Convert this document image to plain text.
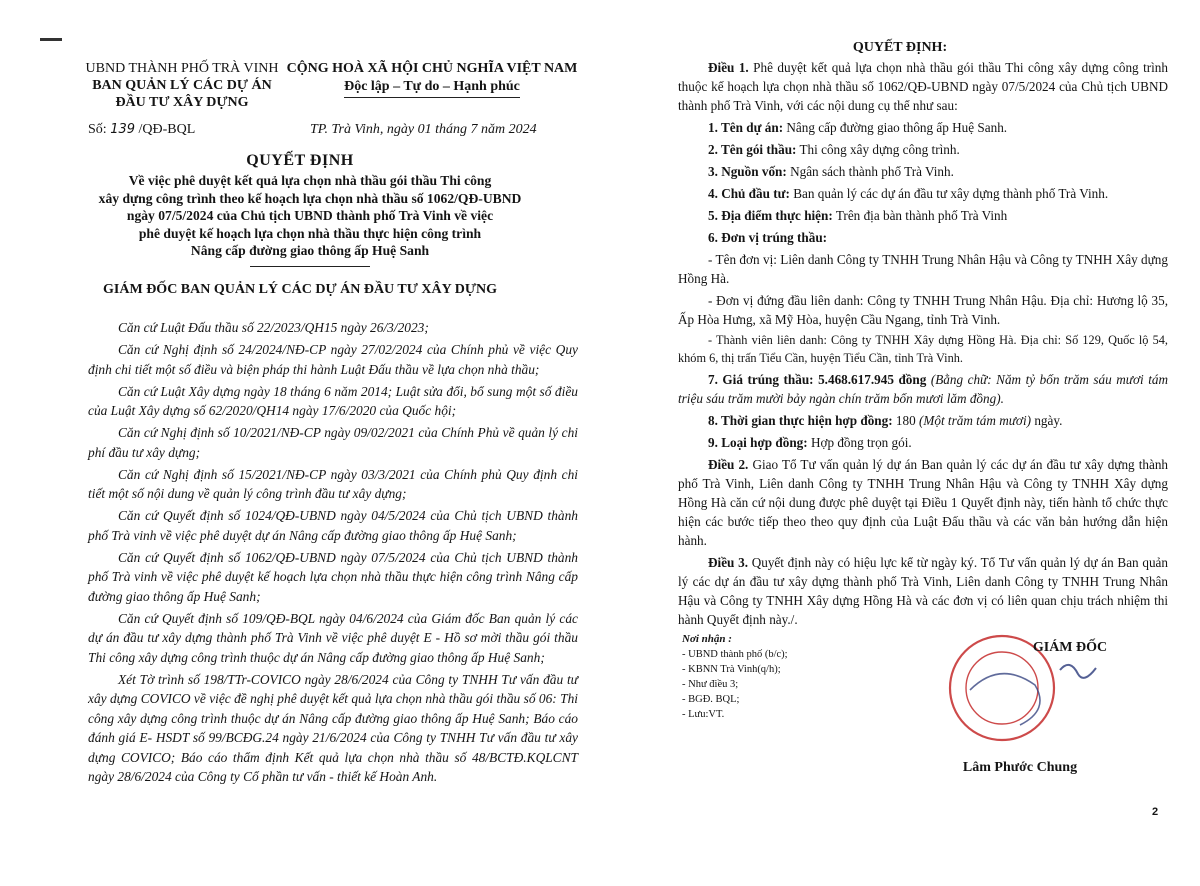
UBND THÀNH PHỐ TRÀ VINH
BAN QUẢN LÝ CÁC DỰ ÁN
ĐẦU TƯ XÂY DỰNG
CỘNG HOÀ XÃ HỘI CHỦ NGHĨA VIỆT NAM
Độc lập – Tự do – Hạnh phúc
Số: 139 /QĐ-BQL	TP. Trà Vinh, ngày 01 tháng 7 năm 2024
QUYẾT ĐỊNH
Về việc phê duyệt kết quả lựa chọn nhà thầu gói thầu Thi công
xây dựng công trình theo kế hoạch lựa chọn nhà thầu số 1062/QĐ-UBND
ngày 07/5/2024 của Chủ tịch UBND thành phố Trà Vinh về việc
phê duyệt kế hoạch lựa chọn nhà thầu thực hiện công trình
Nâng cấp đường giao thông ấp Huệ Sanh
GIÁM ĐỐC BAN QUẢN LÝ CÁC DỰ ÁN ĐẦU TƯ XÂY DỰNG

Căn cứ Luật Đấu thầu số 22/2023/QH15 ngày 26/3/2023;

Căn cứ Nghị định số 24/2024/NĐ-CP ngày 27/02/2024 của Chính phủ về việc Quy định chi tiết một số điều và biện pháp thi hành Luật Đấu thầu về lựa chọn nhà thầu;

Căn cứ Luật Xây dựng ngày 18 tháng 6 năm 2014; Luật sửa đổi, bổ sung một số điều của Luật Xây dựng số 62/2020/QH14 ngày 17/6/2020 của Quốc hội;

Căn cứ Nghị định số 10/2021/NĐ-CP ngày 09/02/2021 của Chính Phủ về quản lý chi phí đầu tư xây dựng;

Căn cứ Nghị định số 15/2021/NĐ-CP ngày 03/3/2021 của Chính phủ Quy định chi tiết một số nội dung về quản lý công trình đầu tư xây dựng;

Căn cứ Quyết định số 1024/QĐ-UBND ngày 04/5/2024 của Chủ tịch UBND thành phố Trà vinh về việc phê duyệt dự án Nâng cấp đường giao thông ấp Huệ Sanh;

Căn cứ Quyết định số 1062/QĐ-UBND ngày 07/5/2024 của Chủ tịch UBND thành phố Trà vinh về việc phê duyệt kế hoạch lựa chọn nhà thầu thực hiện công trình Nâng cấp đường giao thông ấp Huệ Sanh;

Căn cứ Quyết định số 109/QĐ-BQL ngày 04/6/2024 của Giám đốc Ban quản lý các dự án đầu tư xây dựng thành phố Trà Vinh về việc phê duyệt E - Hồ sơ mời thầu gói thầu Thi công xây dựng công trình thuộc dự án Nâng cấp đường giao thông ấp Huệ Sanh;

Xét Tờ trình số 198/TTr-COVICO ngày 28/6/2024 của Công ty TNHH Tư vấn đầu tư xây dựng COVICO về việc đề nghị phê duyệt kết quả lựa chọn nhà thầu gói thầu số 06: Thi công xây dựng công trình thuộc dự án Nâng cấp đường giao thông ấp Huệ Sanh; Báo cáo đánh giá E- HSDT số 99/BCĐG.24 ngày 21/6/2024 của Công ty TNHH Tư vấn đầu tư xây dựng COVICO; Báo cáo thẩm định Kết quả lựa chọn nhà thầu số 48/BCTĐ.KQLCNT ngày 28/6/2024 của Công ty Cổ phần tư vấn - thiết kế Hoàn Anh.

QUYẾT ĐỊNH:

Điều 1. Phê duyệt kết quả lựa chọn nhà thầu gói thầu Thi công xây dựng công trình thuộc kế hoạch lựa chọn nhà thầu số 1062/QĐ-UBND ngày 07/5/2024 của Chủ tịch UBND thành phố Trà Vinh, với các nội dung cụ thể như sau:

1. Tên dự án: Nâng cấp đường giao thông ấp Huệ Sanh.

2. Tên gói thầu: Thi công xây dựng công trình.

3. Nguồn vốn: Ngân sách thành phố Trà Vinh.

4. Chủ đầu tư: Ban quản lý các dự án đầu tư xây dựng thành phố Trà Vinh.

5. Địa điểm thực hiện: Trên địa bàn thành phố Trà Vinh

6. Đơn vị trúng thầu:

- Tên đơn vị: Liên danh Công ty TNHH Trung Nhân Hậu và Công ty TNHH Xây dựng Hồng Hà.

- Đơn vị đứng đầu liên danh: Công ty TNHH Trung Nhân Hậu. Địa chỉ: Hương lộ 35, Ấp Hòa Hưng, xã Mỹ Hòa, huyện Cầu Ngang, tỉnh Trà Vinh.

- Thành viên liên danh: Công ty TNHH Xây dựng Hồng Hà. Địa chỉ: Số 129, Quốc lộ 54, khóm 6, thị trấn Tiểu Cần, huyện Tiểu Cần, tỉnh Trà Vinh.

7. Giá trúng thầu: 5.468.617.945 đồng (Bằng chữ: Năm tỷ bốn trăm sáu mươi tám triệu sáu trăm mười bảy ngàn chín trăm bốn mươi lăm đồng).

8. Thời gian thực hiện hợp đồng: 180 (Một trăm tám mươi) ngày.

9. Loại hợp đồng: Hợp đồng trọn gói.

Điều 2. Giao Tổ Tư vấn quản lý dự án Ban quản lý các dự án đầu tư xây dựng thành phố Trà Vinh, Liên danh Công ty TNHH Trung Nhân Hậu và Công ty TNHH Xây dựng Hồng Hà căn cứ nội dung được phê duyệt tại Điều 1 Quyết định này, tiến hành tổ chức thực hiện các bước tiếp theo theo quy định của Luật Đấu thầu và các văn bản hướng dẫn hiện hành.

Điều 3. Quyết định này có hiệu lực kể từ ngày ký. Tổ Tư vấn quản lý dự án Ban quản lý các dự án đầu tư xây dựng thành phố Trà Vinh, Liên danh Công ty TNHH Trung Nhân Hậu và Công ty TNHH Xây dựng Hồng Hà và các đơn vị có liên quan chịu trách nhiệm thi hành Quyết định này./.

Nơi nhận :
- UBND thành phố (b/c);
- KBNN Trà Vinh(q/h);
- Như điều 3;
- BGĐ. BQL;
- Lưu:VT.
GIÁM ĐỐC
Lâm Phước Chung
2
